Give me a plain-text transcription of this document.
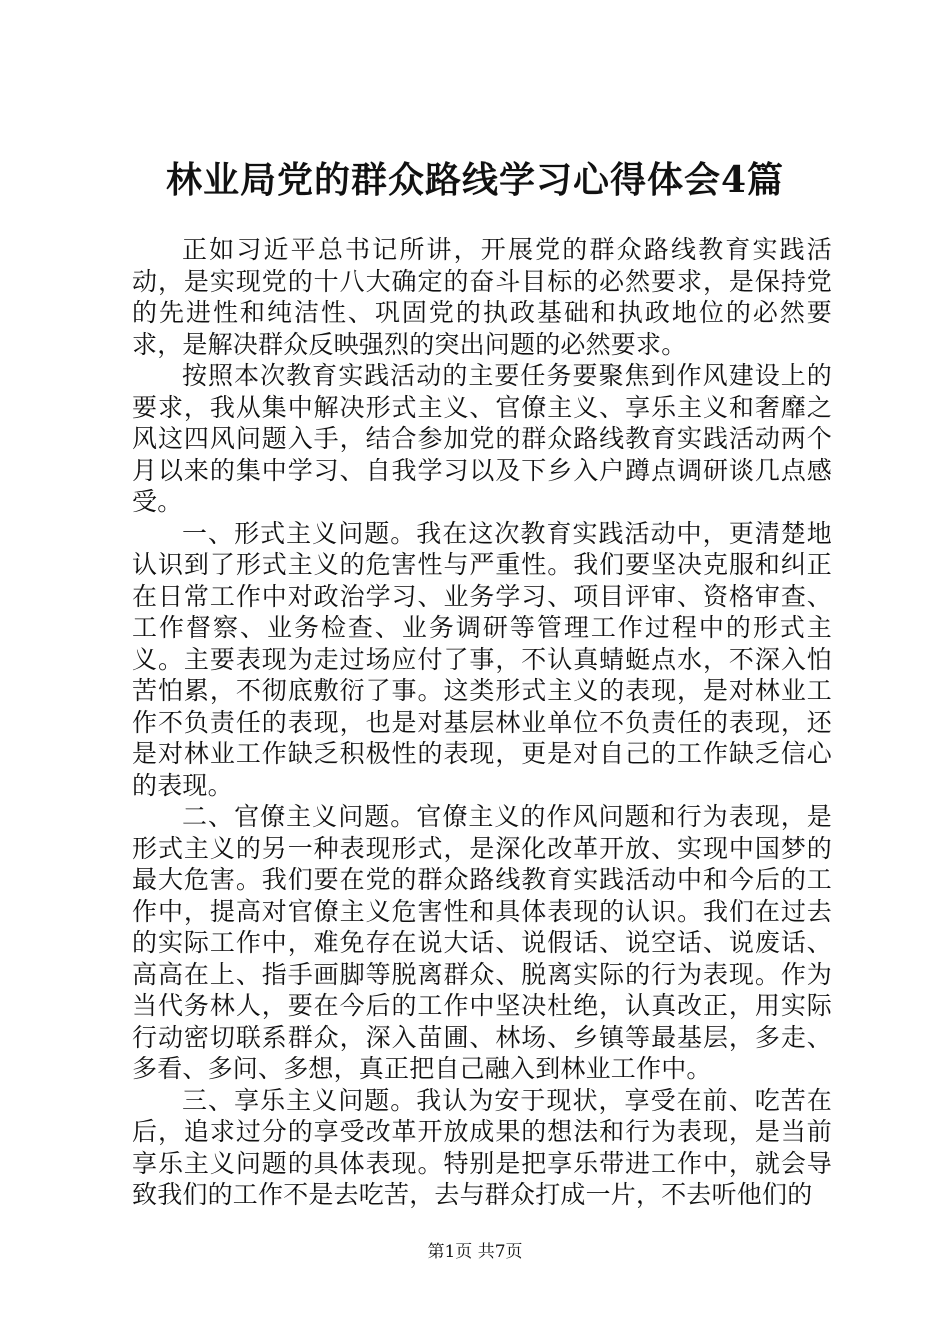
林业局党的群众路线学习心得体会4篇

正如习近平总书记所讲，开展党的群众路线教育实践活动，是实现党的十八大确定的奋斗目标的必然要求，是保持党的先进性和纯洁性、巩固党的执政基础和执政地位的必然要求，是解决群众反映强烈的突出问题的必然要求。

按照本次教育实践活动的主要任务要聚焦到作风建设上的要求，我从集中解决形式主义、官僚主义、享乐主义和奢靡之风这四风问题入手，结合参加党的群众路线教育实践活动两个月以来的集中学习、自我学习以及下乡入户蹲点调研谈几点感受。

一、形式主义问题。我在这次教育实践活动中，更清楚地认识到了形式主义的危害性与严重性。我们要坚决克服和纠正在日常工作中对政治学习、业务学习、项目评审、资格审查、工作督察、业务检查、业务调研等管理工作过程中的形式主义。主要表现为走过场应付了事，不认真蜻蜓点水，不深入怕苦怕累，不彻底敷衍了事。这类形式主义的表现，是对林业工作不负责任的表现，也是对基层林业单位不负责任的表现，还是对林业工作缺乏积极性的表现，更是对自己的工作缺乏信心的表现。

二、官僚主义问题。官僚主义的作风问题和行为表现，是形式主义的另一种表现形式，是深化改革开放、实现中国梦的最大危害。我们要在党的群众路线教育实践活动中和今后的工作中，提高对官僚主义危害性和具体表现的认识。我们在过去的实际工作中，难免存在说大话、说假话、说空话、说废话、高高在上、指手画脚等脱离群众、脱离实际的行为表现。作为当代务林人，要在今后的工作中坚决杜绝，认真改正，用实际行动密切联系群众，深入苗圃、林场、乡镇等最基层，多走、多看、多问、多想，真正把自己融入到林业工作中。

三、享乐主义问题。我认为安于现状，享受在前、吃苦在后，追求过分的享受改革开放成果的想法和行为表现，是当前享乐主义问题的具体表现。特别是把享乐带进工作中，就会导致我们的工作不是去吃苦，去与群众打成一片，不去听他们的

第1页 共7页
